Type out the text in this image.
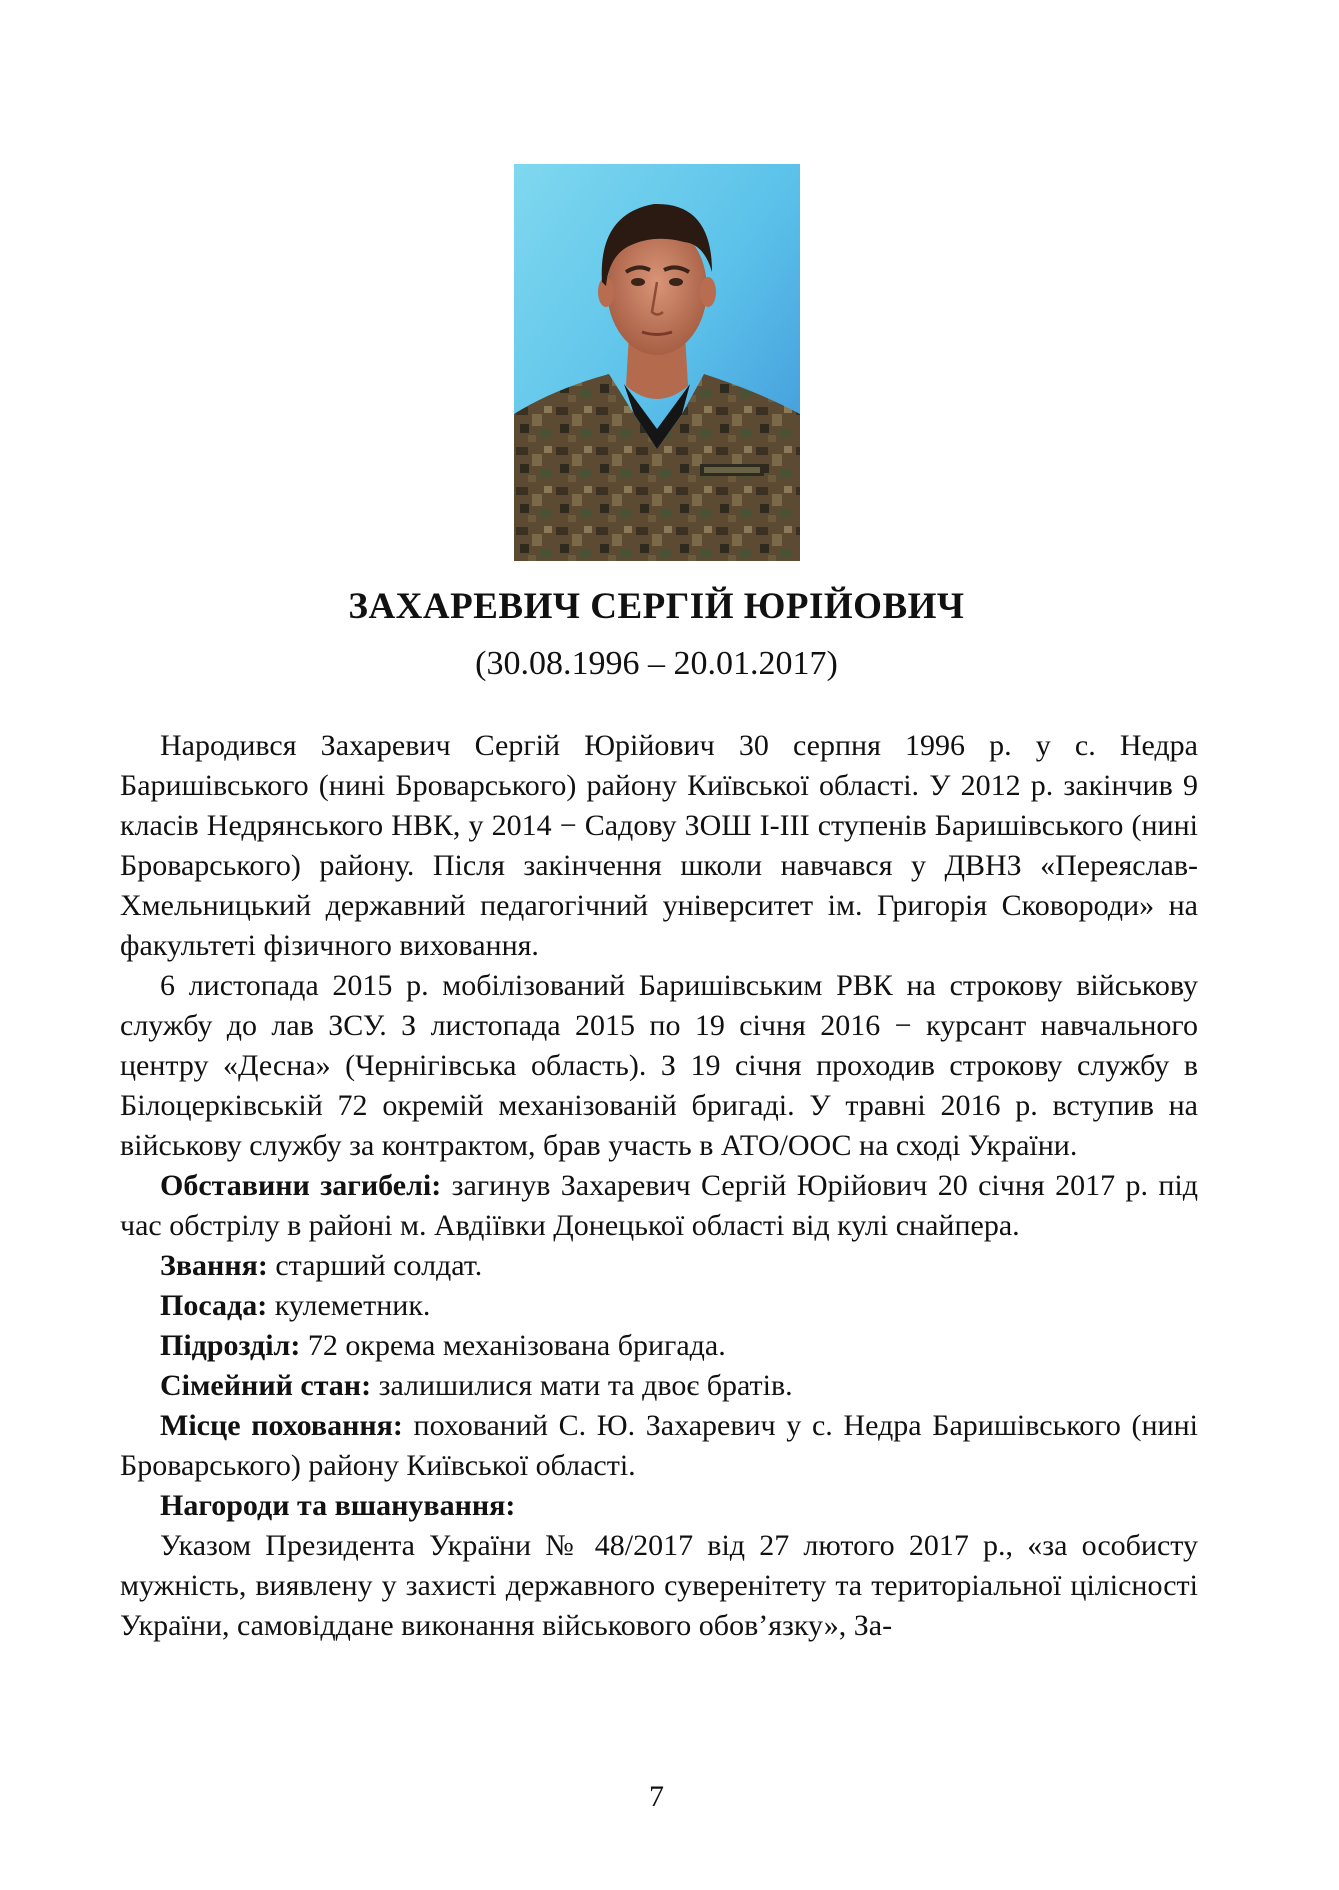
ЗАХАРЕВИЧ СЕРГІЙ ЮРІЙОВИЧ
(30.08.1996 – 20.01.2017)

Народився Захаревич Сергій Юрійович 30 серпня 1996 р. у с. Недра Баришівського (нині Броварського) району Київської області. У 2012 р. закінчив 9 класів Недрянського НВК, у 2014 − Садову ЗОШ І-ІІІ ступенів Баришівського (нині Броварського) району. Після закінчення школи навчався у ДВНЗ «Переяслав-Хмельницький державний педагогічний університет ім. Григорія Сковороди» на факультеті фізичного виховання.

6 листопада 2015 р. мобілізований Баришівським РВК на строкову військову службу до лав ЗСУ. З листопада 2015 по 19 січня 2016 − курсант навчального центру «Десна» (Чернігівська область). З 19 січня проходив строкову службу в Білоцерківській 72 окремій механізованій бригаді. У травні 2016 р. вступив на військову службу за контрактом, брав участь в АТО/ООС на сході України.

Обставини загибелі: загинув Захаревич Сергій Юрійович 20 січня 2017 р. під час обстрілу в районі м. Авдіївки Донецької області від кулі снайпера.

Звання: старший солдат.

Посада: кулеметник.

Підрозділ: 72 окрема механізована бригада.

Сімейний стан: залишилися мати та двоє братів.

Місце поховання: похований С. Ю. Захаревич у с. Недра Баришівського (нині Броварського) району Київської області.

Нагороди та вшанування:

Указом Президента України № 48/2017 від 27 лютого 2017 р., «за особисту мужність, виявлену у захисті державного суверенітету та територіальної цілісності України, самовіддане виконання військового обов’язку», За-

7
